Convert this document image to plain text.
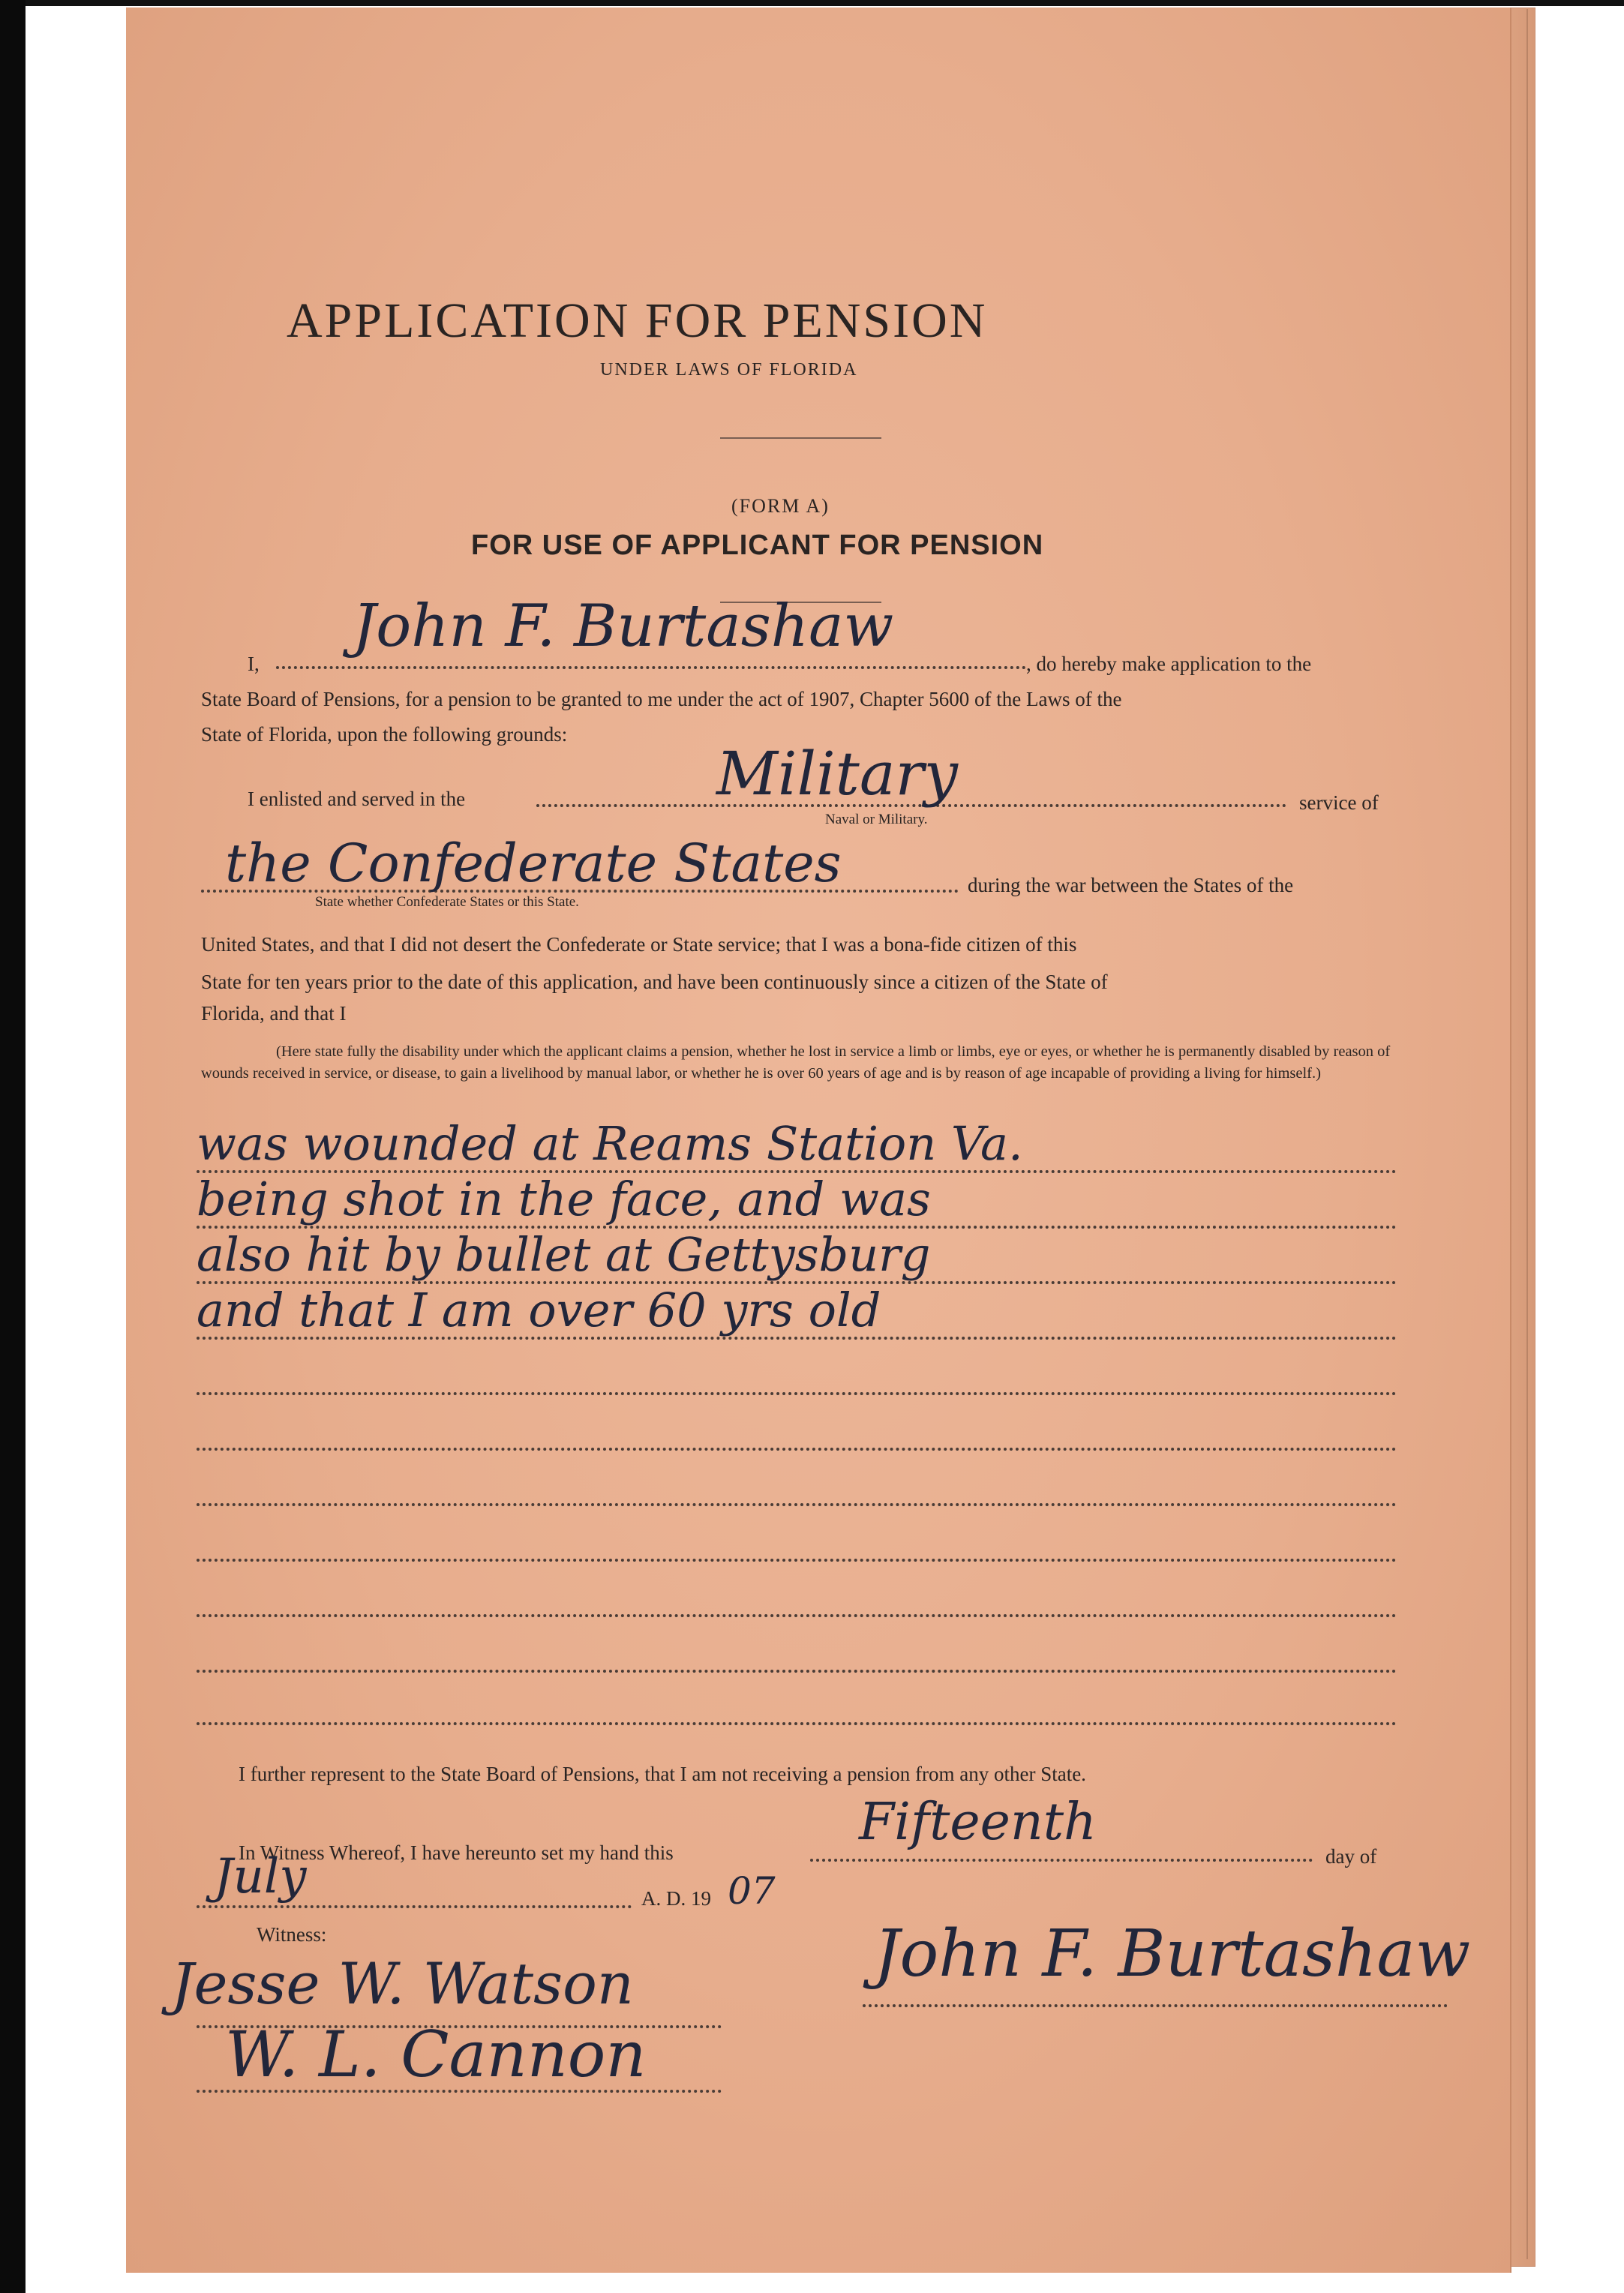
APPLICATION FOR PENSION
UNDER LAWS OF FLORIDA
(FORM A)
FOR USE OF APPLICANT FOR PENSION
I,
John F. Burtashaw
, do hereby make application to the
State Board of Pensions, for a pension to be granted to me under the act of 1907, Chapter 5600 of the Laws of the
State of Florida, upon the following grounds:
I enlisted and served in the	Military	service of
Naval or Military.
the Confederate States	during the war between the States of the
State whether Confederate States or this State.
United States, and that I did not desert the Confederate or State service; that I was a bona-fide citizen of this
State for ten years prior to the date of this application, and have been continuously since a citizen of the State of
Florida, and that I
(Here state fully the disability under which the applicant claims a pension, whether he lost in service a limb or limbs, eye or eyes, or whether he is permanently disabled by reason of wounds received in service, or disease, to gain a livelihood by manual labor, or whether he is over 60 years of age and is by reason of age incapable of providing a living for himself.)
was wounded at Reams Station Va.
being shot in the face, and was
also hit by bullet at Gettysburg
and that I am over 60 yrs old
I further represent to the State Board of Pensions, that I am not receiving a pension from any other State.
In Witness Whereof, I have hereunto set my hand this
Fifteenth
day of
July	A. D. 19 07
Witness:
Jesse W. Watson
W. L. Cannon
John F. Burtashaw
